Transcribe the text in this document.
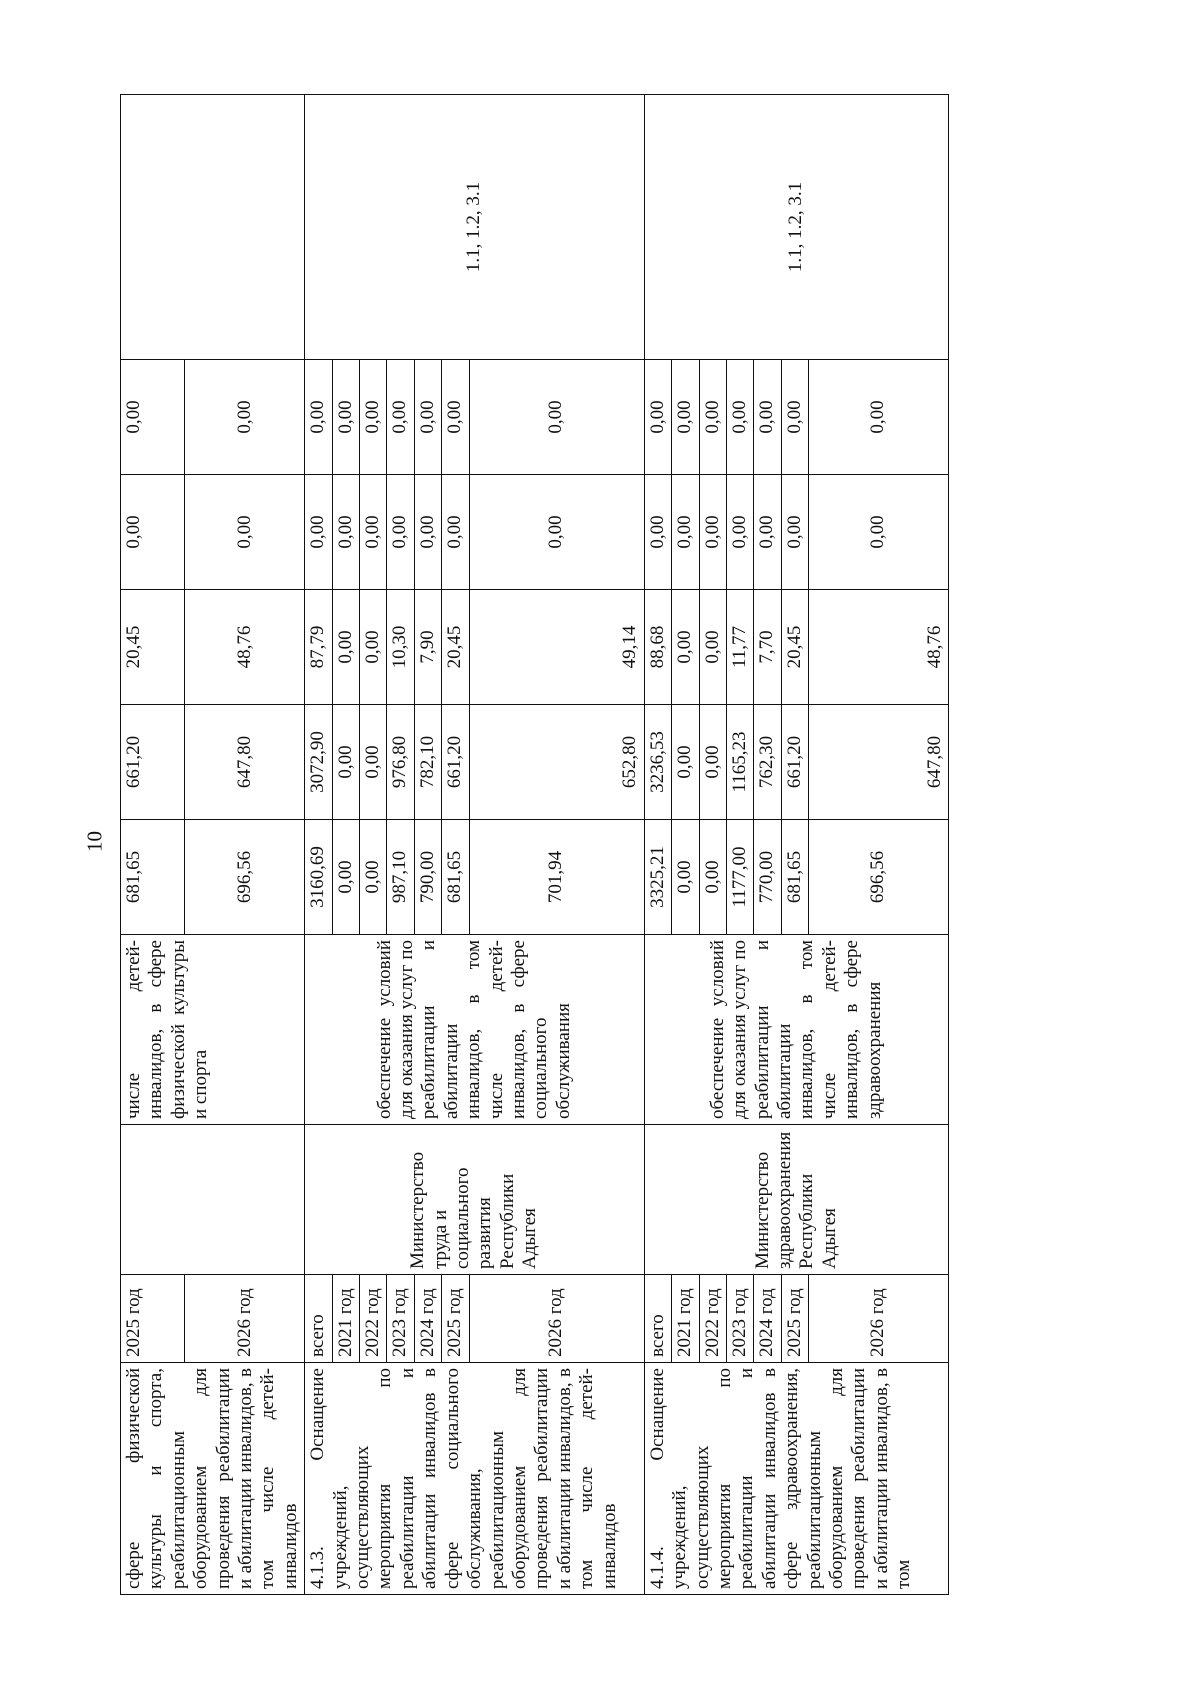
10
сфере физической культуры и спорта, реабилитационным оборудованием для проведения реабилитации и абилитации инвалидов, в том числе детей-инвалидов	2025 год		числе детей-инвалидов, в сфере физической культуры и спорта	681,65	661,20	20,45	0,00	0,00	
	2026 год			696,56	647,80	48,76	0,00	0,00	
4.1.3. Оснащение учреждений, осуществляющих мероприятия по реабилитации и абилитации инвалидов в сфере социального обслуживания, реабилитационным оборудованием для проведения реабилитации и абилитации инвалидов, в том числе детей-инвалидов	всего	Министерство труда и социального развития Республики Адыгея	обеспечение условий для оказания услуг по реабилитации и абилитации инвалидов, в том числе детей-инвалидов, в сфере социального обслуживания	3160,69	3072,90	87,79	0,00	0,00	1.1, 1.2, 3.1
	2021 год			0,00	0,00	0,00	0,00	0,00	
	2022 год			0,00	0,00	0,00	0,00	0,00	
	2023 год			987,10	976,80	10,30	0,00	0,00	
	2024 год			790,00	782,10	7,90	0,00	0,00	
	2025 год			681,65	661,20	20,45	0,00	0,00	
	2026 год			701,94	652,80	49,14	0,00	0,00	
4.1.4. Оснащение учреждений, осуществляющих мероприятия по реабилитации и абилитации инвалидов в сфере здравоохранения, реабилитационным оборудованием для проведения реабилитации и абилитации инвалидов, в том	всего	Министерство здравоохранения Республики Адыгея	обеспечение условий для оказания услуг по реабилитации и абилитации инвалидов, в том числе детей-инвалидов, в сфере здравоохранения	3325,21	3236,53	88,68	0,00	0,00	1.1, 1.2, 3.1
	2021 год			0,00	0,00	0,00	0,00	0,00	
	2022 год			0,00	0,00	0,00	0,00	0,00	
	2023 год			1177,00	1165,23	11,77	0,00	0,00	
	2024 год			770,00	762,30	7,70	0,00	0,00	
	2025 год			681,65	661,20	20,45	0,00	0,00	
	2026 год			696,56	647,80	48,76	0,00	0,00	
